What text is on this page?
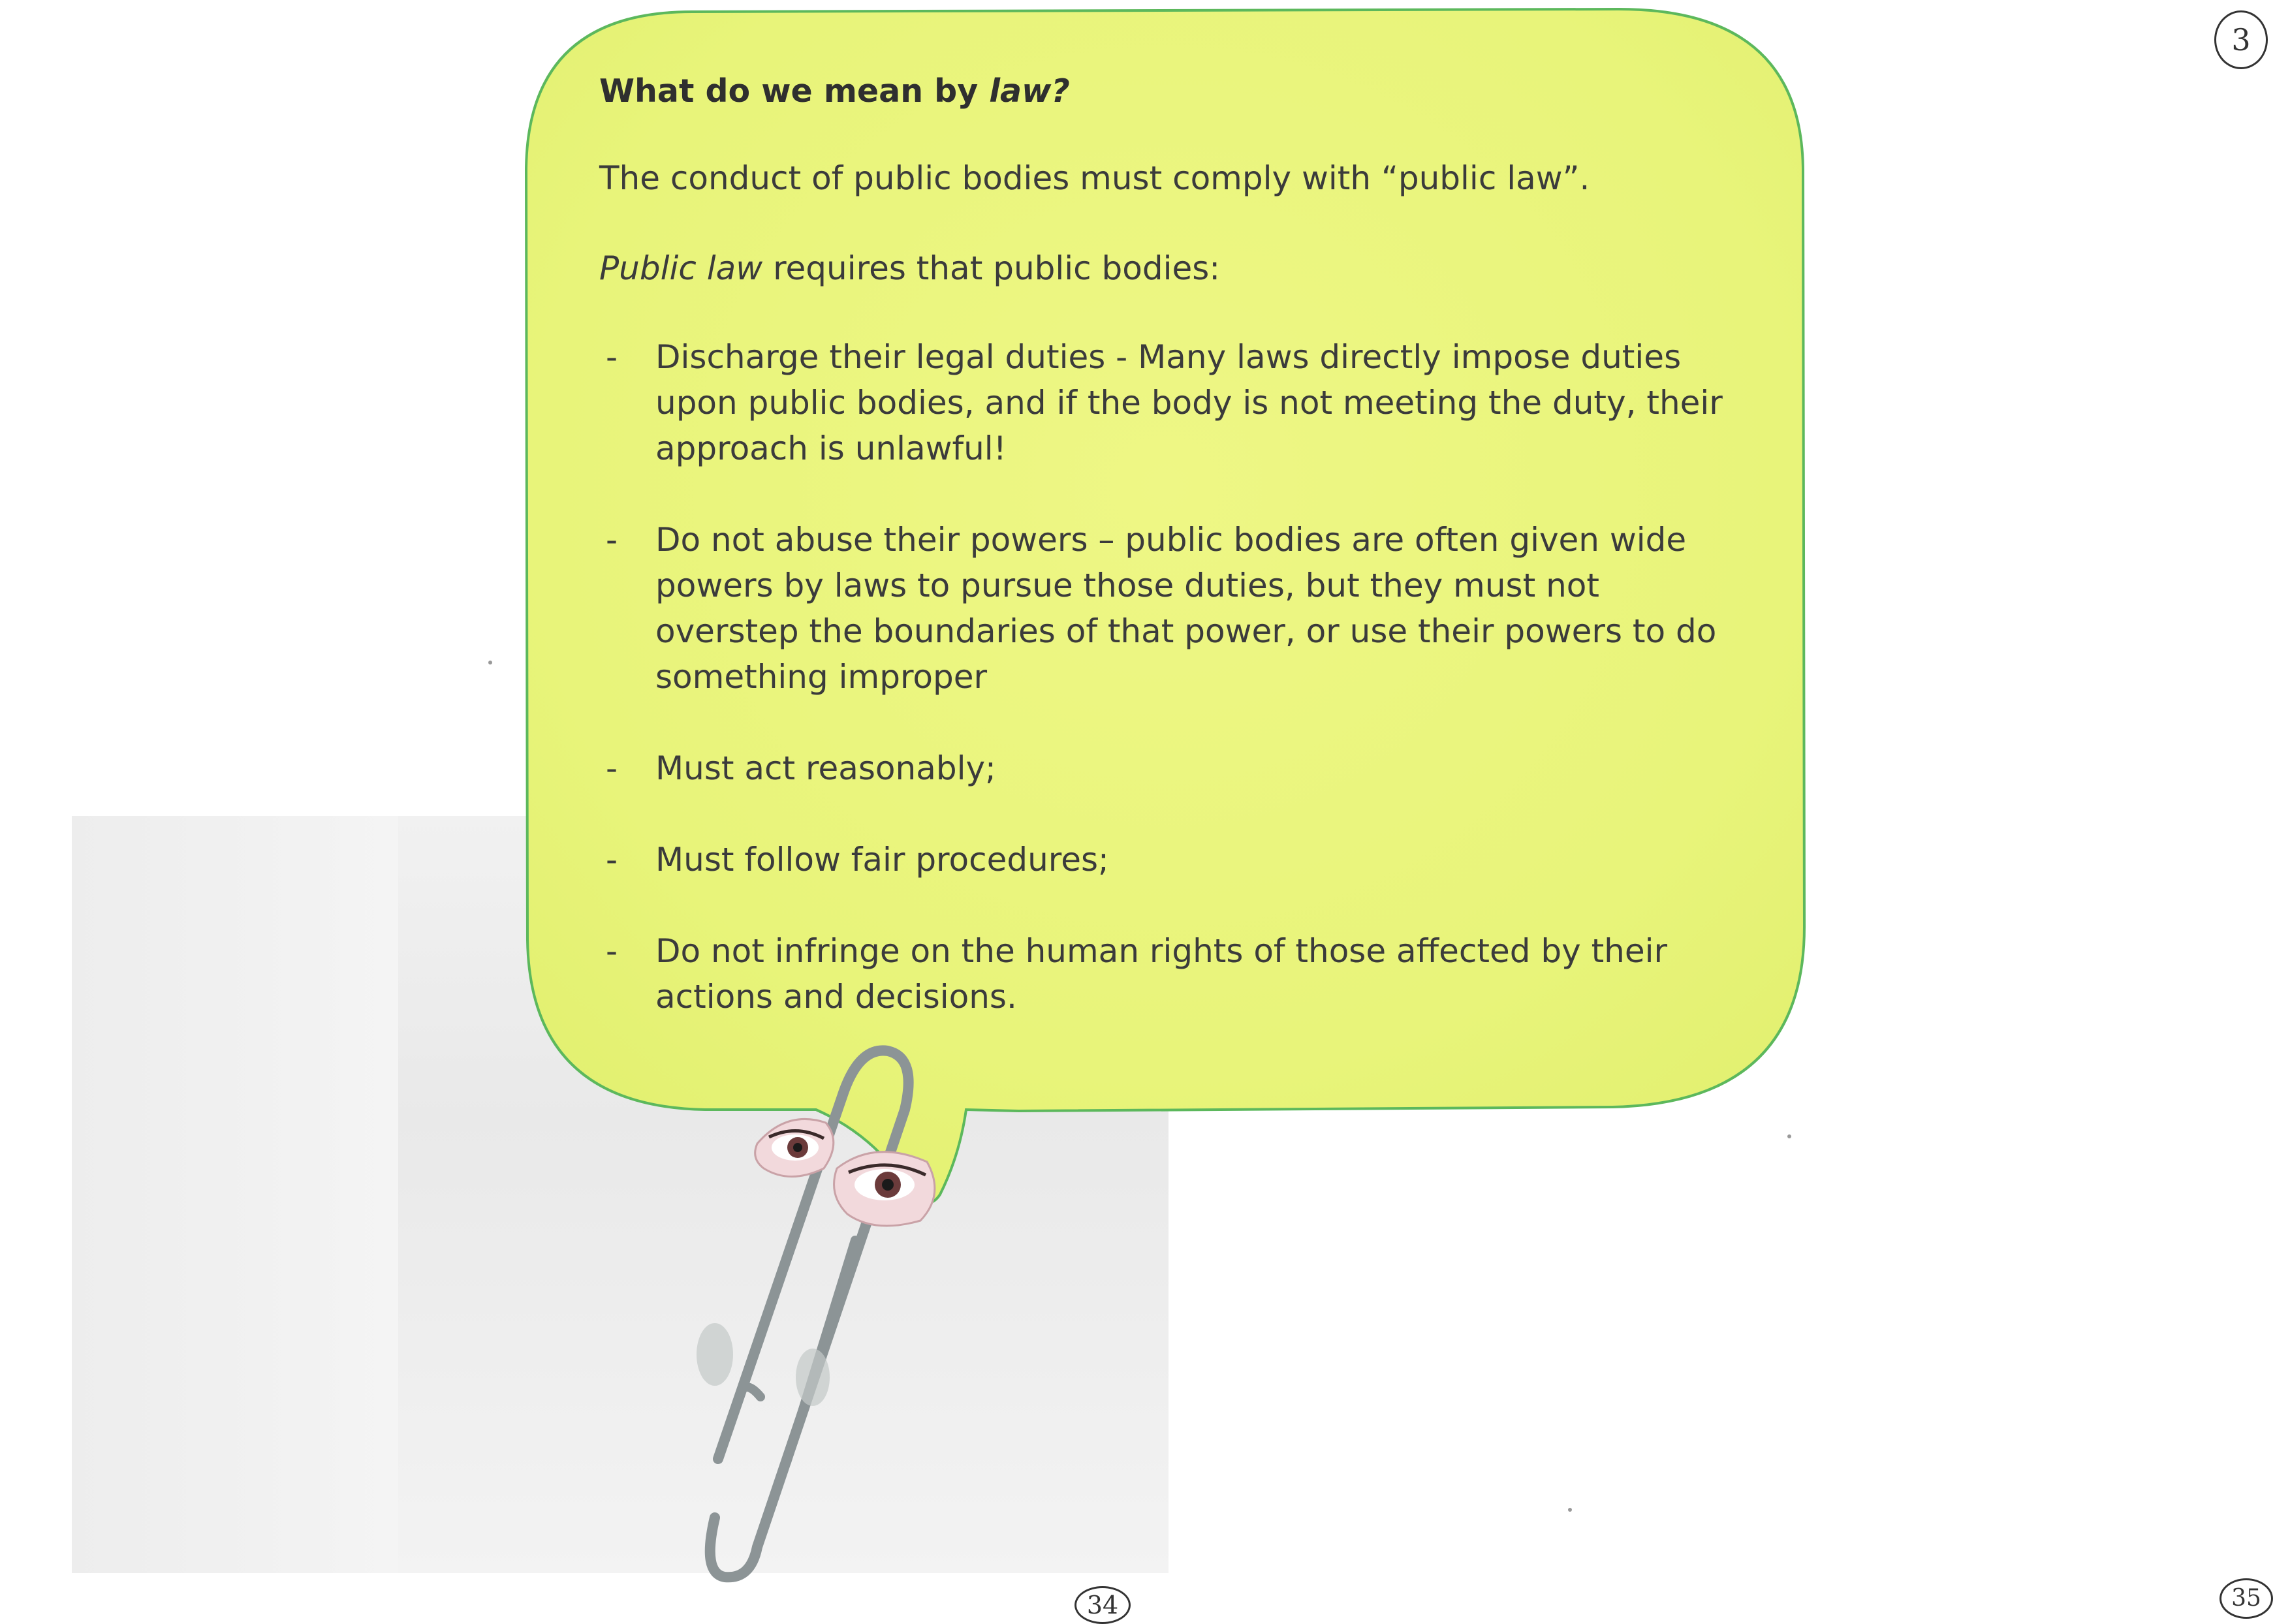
What do we mean by law?

The conduct of public bodies must comply with “public law”.

Public law requires that public bodies:

- Discharge their legal duties - Many laws directly impose duties upon public bodies, and if the body is not meeting the duty, their approach is unlawful!
- Do not abuse their powers – public bodies are often given wide powers by laws to pursue those duties, but they must not overstep the boundaries of that power, or use their powers to do something improper
- Must act reasonably;
- Must follow fair procedures;
- Do not infringe on the human rights of those affected by their actions and decisions.
3
34	35
